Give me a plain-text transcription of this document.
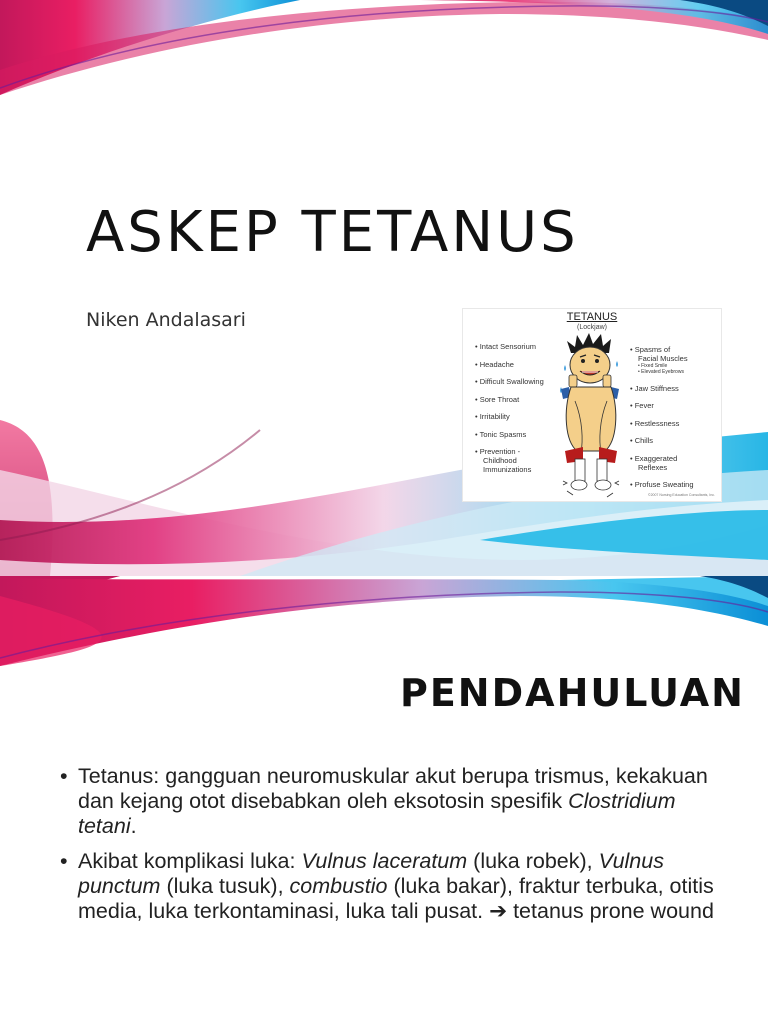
ASKEP TETANUS

Niken Andalasari	TETANUS
(Lockjaw)
• Intact Sensorium
• Headache
• Difficult Swallowing
• Sore Throat
• Irritability
• Tonic Spasms
• Prevention -
Childhood
Immunizations
• Spasms of
Facial Muscles
• Fixed Smile
• Elevated Eyebrows
• Jaw Stiffness
• Fever
• Restlessness
• Chills
• Exaggerated
Reflexes
• Profuse Sweating
©2007 Nursing Education Consultants, Inc.
PENDAHULUAN
• Tetanus: gangguan neuromuskular akut berupa trismus, kekakuan dan kejang otot disebabkan oleh eksotosin spesifik Clostridium tetani.
• Akibat komplikasi luka: Vulnus laceratum (luka robek), Vulnus punctum (luka tusuk), combustio (luka bakar), fraktur terbuka, otitis media, luka terkontaminasi, luka tali pusat. ➔ tetanus prone wound
